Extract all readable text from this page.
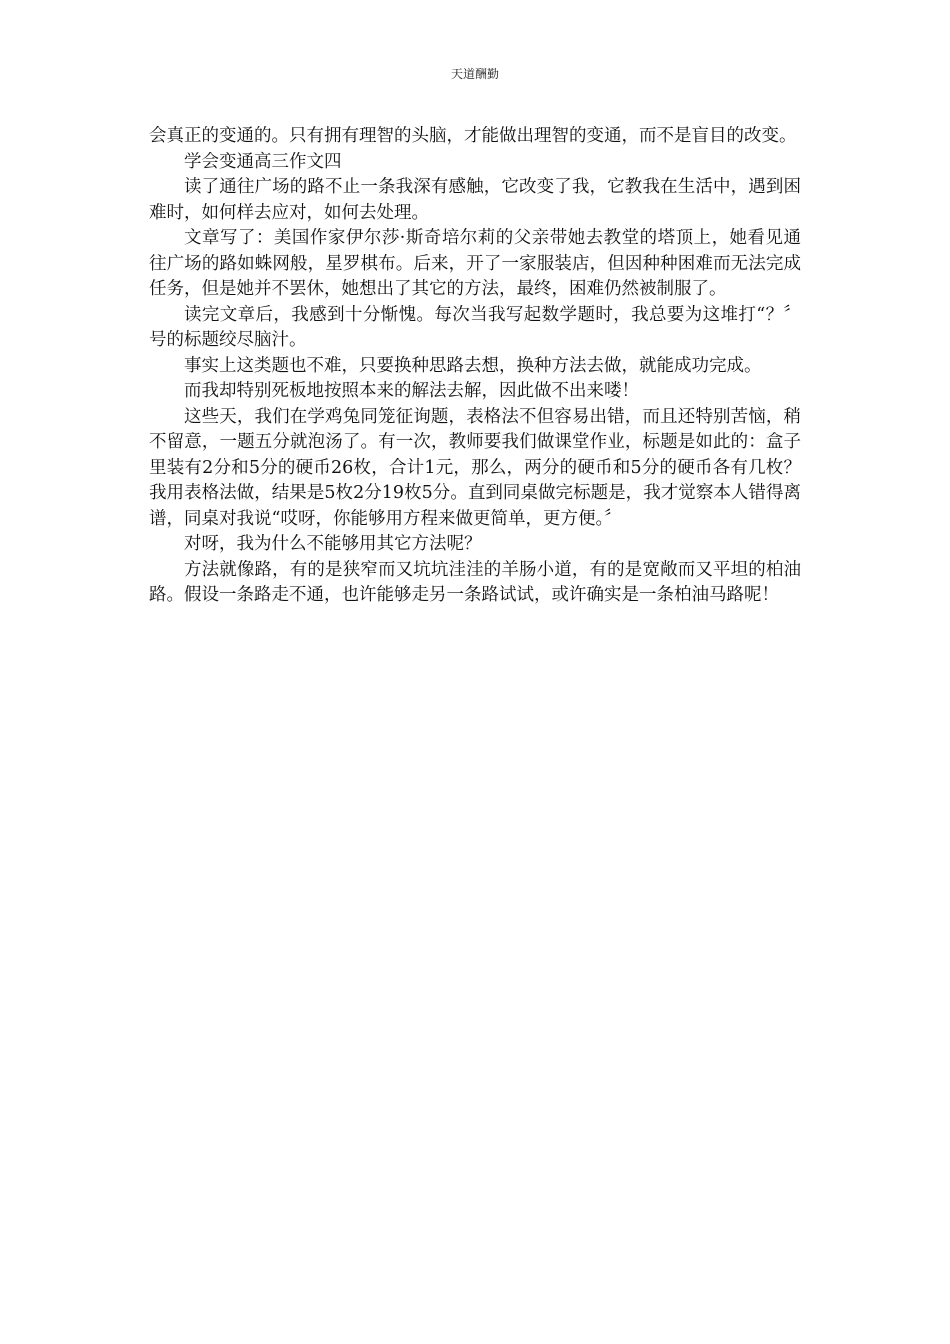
天道酬勤

会真正的变通的。只有拥有理智的头脑，才能做出理智的变通，而不是盲目的改变。

学会变通高三作文四

读了通往广场的路不止一条我深有感触，它改变了我，它教我在生活中，遇到困难时，如何样去应对，如何去处理。

文章写了：美国作家伊尔莎·斯奇培尔莉的父亲带她去教堂的塔顶上，她看见通往广场的路如蛛网般，星罗棋布。后来，开了一家服装店，但因种种困难而无法完成任务，但是她并不罢休，她想出了其它的方法，最终，困难仍然被制服了。

读完文章后，我感到十分惭愧。每次当我写起数学题时，我总要为这堆打“？〞号的标题绞尽脑汁。

事实上这类题也不难，只要换种思路去想，换种方法去做，就能成功完成。

而我却特别死板地按照本来的解法去解，因此做不出来喽！

这些天，我们在学鸡兔同笼征询题，表格法不但容易出错，而且还特别苦恼，稍不留意，一题五分就泡汤了。有一次，教师要我们做课堂作业，标题是如此的：盒子里装有2分和5分的硬币26枚，合计1元，那么，两分的硬币和5分的硬币各有几枚？我用表格法做，结果是5枚2分19枚5分。直到同桌做完标题是，我才觉察本人错得离谱，同桌对我说“哎呀，你能够用方程来做更简单，更方便。〞

对呀，我为什么不能够用其它方法呢？

方法就像路，有的是狭窄而又坑坑洼洼的羊肠小道，有的是宽敞而又平坦的柏油路。假设一条路走不通，也许能够走另一条路试试，或许确实是一条柏油马路呢！
